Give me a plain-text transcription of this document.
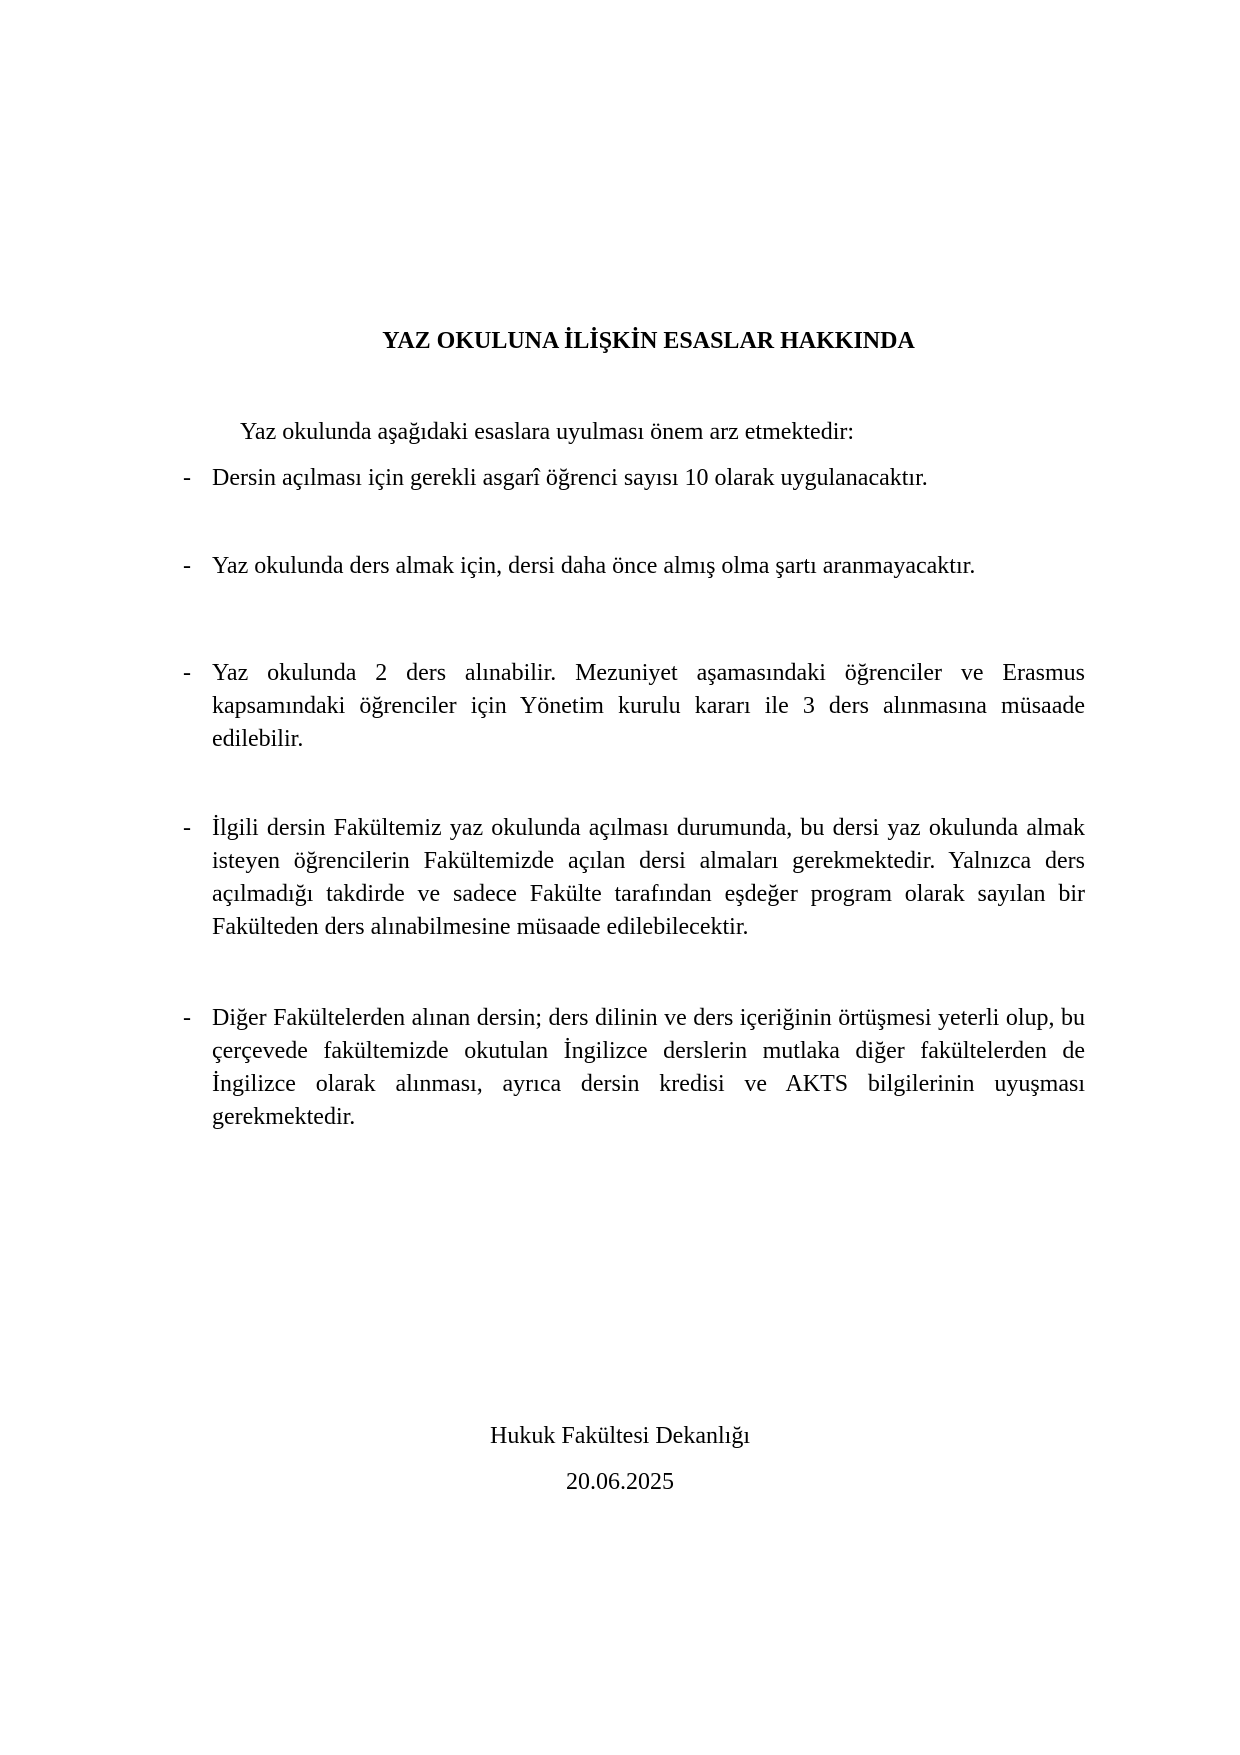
YAZ OKULUNA İLİŞKİN ESASLAR HAKKINDA

Yaz okulunda aşağıdaki esaslara uyulması önem arz etmektedir:

- Dersin açılması için gerekli asgarî öğrenci sayısı 10 olarak uygulanacaktır.
- Yaz okulunda ders almak için, dersi daha önce almış olma şartı aranmayacaktır.
- Yaz okulunda 2 ders alınabilir. Mezuniyet aşamasındaki öğrenciler ve Erasmus kapsamındaki öğrenciler için Yönetim kurulu kararı ile 3 ders alınmasına müsaade edilebilir.
- İlgili dersin Fakültemiz yaz okulunda açılması durumunda, bu dersi yaz okulunda almak isteyen öğrencilerin Fakültemizde açılan dersi almaları gerekmektedir. Yalnızca ders açılmadığı takdirde ve sadece Fakülte tarafından eşdeğer program olarak sayılan bir Fakülteden ders alınabilmesine müsaade edilebilecektir.
- Diğer Fakültelerden alınan dersin; ders dilinin ve ders içeriğinin örtüşmesi yeterli olup, bu çerçevede fakültemizde okutulan İngilizce derslerin mutlaka diğer fakültelerden de İngilizce olarak alınması, ayrıca dersin kredisi ve AKTS bilgilerinin uyuşması gerekmektedir.

Hukuk Fakültesi Dekanlığı

20.06.2025
